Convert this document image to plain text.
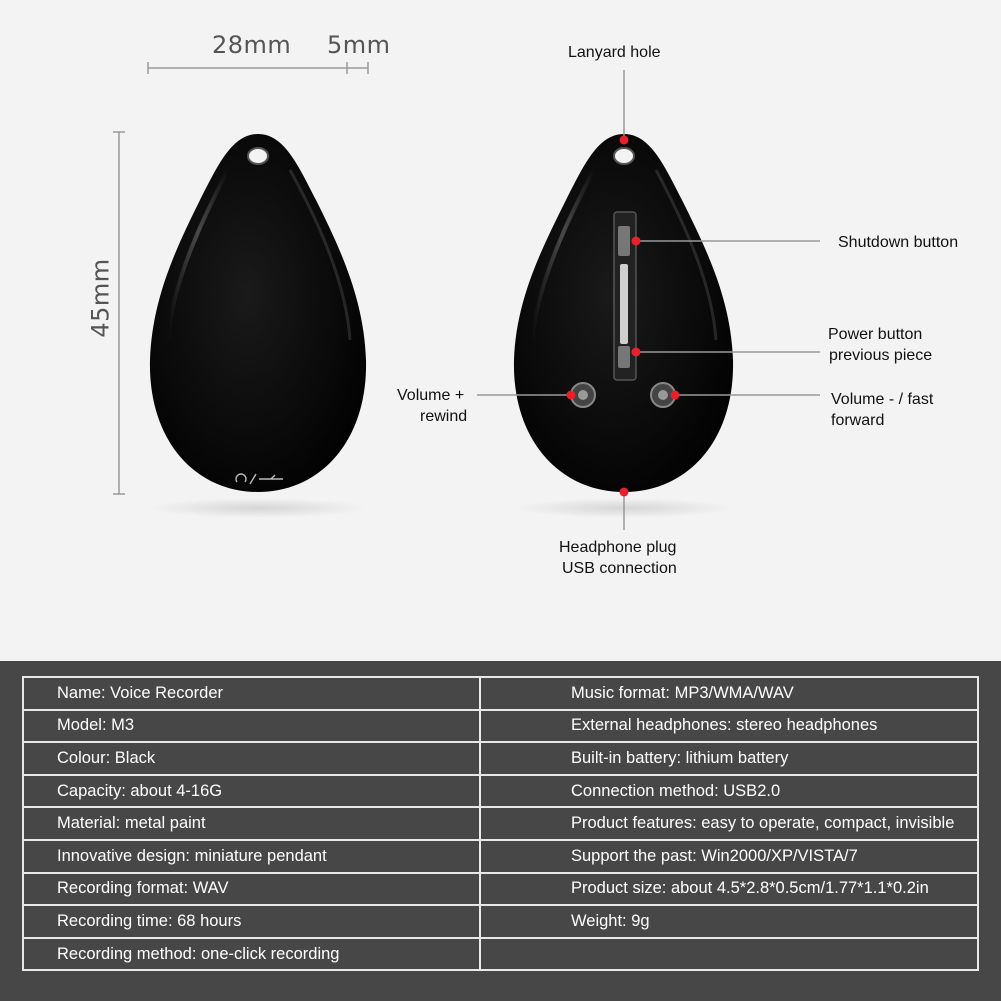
28mm 5mm
45mm
Lanyard hole
Shutdown button
Power button
previous piece
Volume +
rewind
Volume - / fast
forward
Headphone plug
USB connection
Name: Voice Recorder	Music format: MP3/WMA/WAV
Model: M3	External headphones: stereo headphones
Colour: Black	Built-in battery: lithium battery
Capacity: about 4-16G	Connection method: USB2.0
Material: metal paint	Product features: easy to operate, compact, invisible
Innovative design: miniature pendant	Support the past: Win2000/XP/VISTA/7
Recording format: WAV	Product size: about 4.5*2.8*0.5cm/1.77*1.1*0.2in
Recording time: 68 hours	Weight: 9g
Recording method: one-click recording	
